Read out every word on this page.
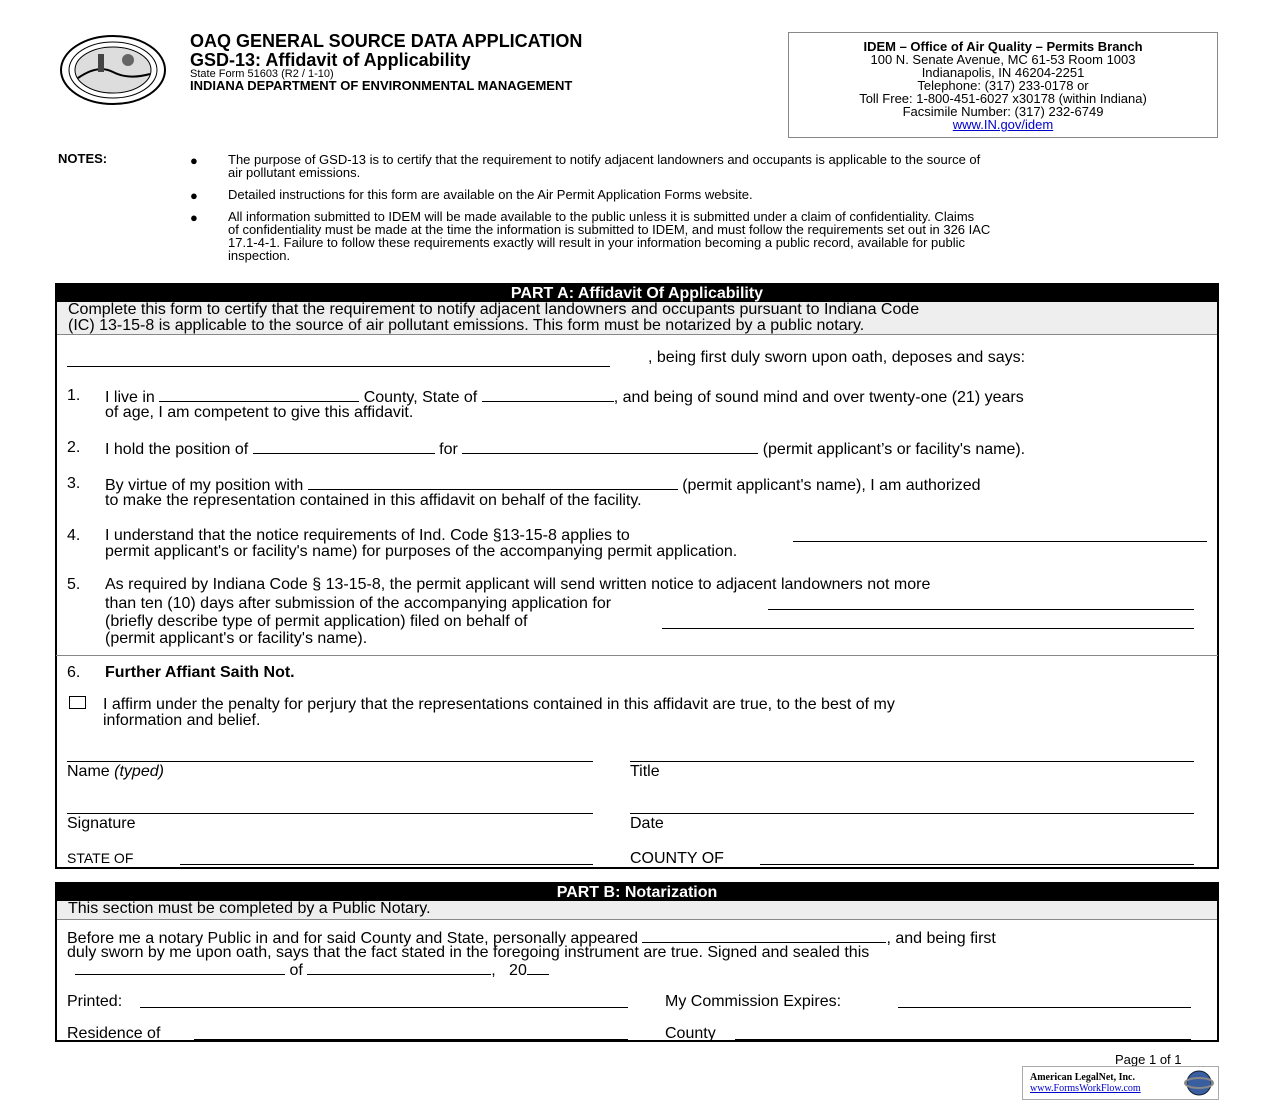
OAQ GENERAL SOURCE DATA APPLICATION
GSD-13: Affidavit of Applicability
State Form 51603 (R2 / 1-10)
INDIANA DEPARTMENT OF ENVIRONMENTAL MANAGEMENT
IDEM – Office of Air Quality – Permits Branch
100 N. Senate Avenue, MC 61-53 Room 1003
Indianapolis, IN 46204-2251
Telephone: (317) 233-0178 or
Toll Free: 1-800-451-6027 x30178 (within Indiana)
Facsimile Number: (317) 232-6749
www.IN.gov/idem
NOTES:	● The purpose of GSD-13 is to certify that the requirement to notify adjacent landowners and occupants is applicable to the source of
air pollutant emissions.
● Detailed instructions for this form are available on the Air Permit Application Forms website.
● All information submitted to IDEM will be made available to the public unless it is submitted under a claim of confidentiality. Claims
of confidentiality must be made at the time the information is submitted to IDEM, and must follow the requirements set out in 326 IAC
17.1-4-1. Failure to follow these requirements exactly will result in your information becoming a public record, available for public
inspection.
PART A: Affidavit Of Applicability
Complete this form to certify that the requirement to notify adjacent landowners and occupants pursuant to Indiana Code
(IC) 13-15-8 is applicable to the source of air pollutant emissions. This form must be notarized by a public notary.
, being first duly sworn upon oath, deposes and says:
1. I live in	County, State of	, and being of sound mind and over twenty-one (21) years
of age, I am competent to give this affidavit.
2. I hold the position of	for	(permit applicant’s or facility's name).
3. By virtue of my position with	(permit applicant's name), I am authorized
to make the representation contained in this affidavit on behalf of the facility.
4. I understand that the notice requirements of Ind. Code §13-15-8 applies to
permit applicant's or facility's name) for purposes of the accompanying permit application.
5. As required by Indiana Code § 13-15-8, the permit applicant will send written notice to adjacent landowners not more
than ten (10) days after submission of the accompanying application for
(briefly describe type of permit application) filed on behalf of
(permit applicant's or facility's name).
6. Further Affiant Saith Not.
I affirm under the penalty for perjury that the representations contained in this affidavit are true, to the best of my
information and belief.
Name (typed)	Title
Signature	Date
STATE OF	COUNTY OF
PART B: Notarization
This section must be completed by a Public Notary.
Before me a notary Public in and for said County and State, personally appeared	, and being first
duly sworn by me upon oath, says that the fact stated in the foregoing instrument are true. Signed and sealed this
of	, 20
Printed:	My Commission Expires:
Residence of	County
Page 1 of 1
American LegalNet, Inc.
www.FormsWorkFlow.com
